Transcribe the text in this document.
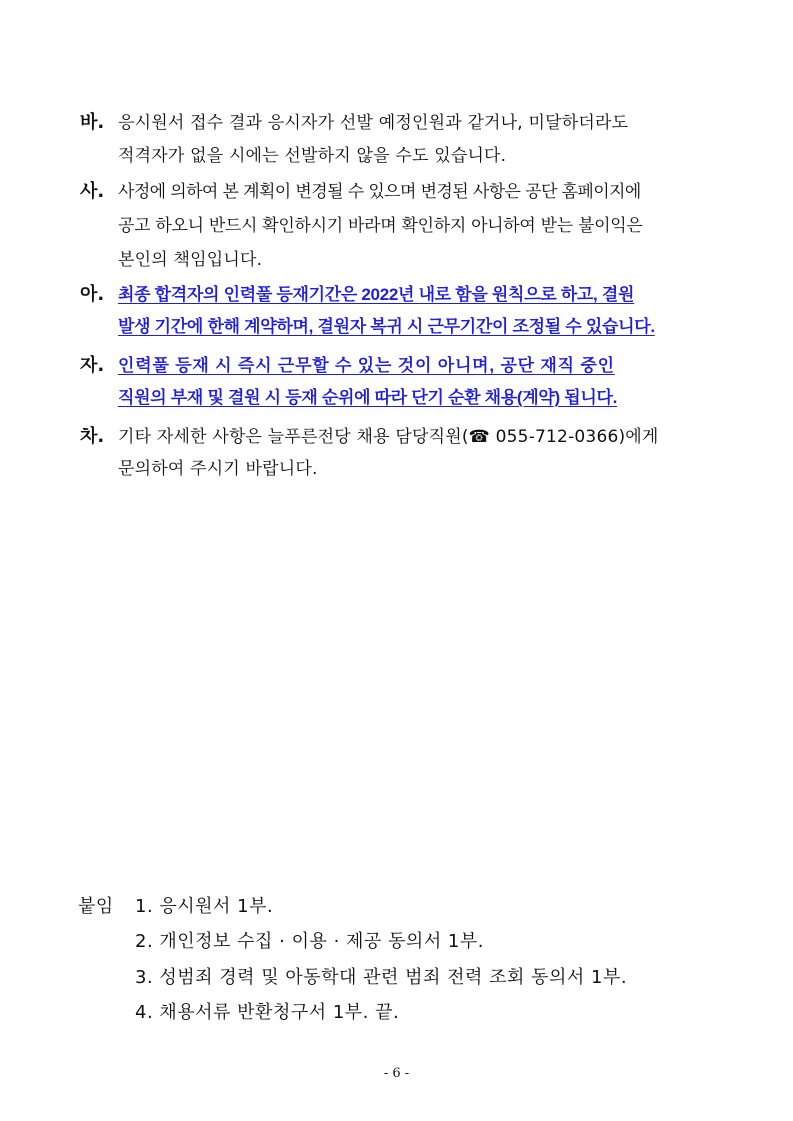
바. 응시원서 접수 결과 응시자가 선발 예정인원과 같거나, 미달하더라도
적격자가 없을 시에는 선발하지 않을 수도 있습니다.
사. 사정에 의하여 본 계획이 변경될 수 있으며 변경된 사항은 공단 홈페이지에
공고 하오니 반드시 확인하시기 바라며 확인하지 아니하여 받는 불이익은
본인의 책임입니다.
아. 최종 합격자의 인력풀 등재기간은 2022년 내로 함을 원칙으로 하고, 결원
발생 기간에 한해 계약하며, 결원자 복귀 시 근무기간이 조정될 수 있습니다.
자. 인력풀 등재 시 즉시 근무할 수 있는 것이 아니며, 공단 재직 중인
직원의 부재 및 결원 시 등재 순위에 따라 단기 순환 채용(계약) 됩니다.
차. 기타 자세한 사항은 늘푸른전당 채용 담당직원(☎ 055-712-0366)에게
문의하여 주시기 바랍니다.
붙임 1. 응시원서 1부.
2. 개인정보 수집 · 이용 · 제공 동의서 1부.
3. 성범죄 경력 및 아동학대 관련 범죄 전력 조회 동의서 1부.
4. 채용서류 반환청구서 1부. 끝.
- 6 -
